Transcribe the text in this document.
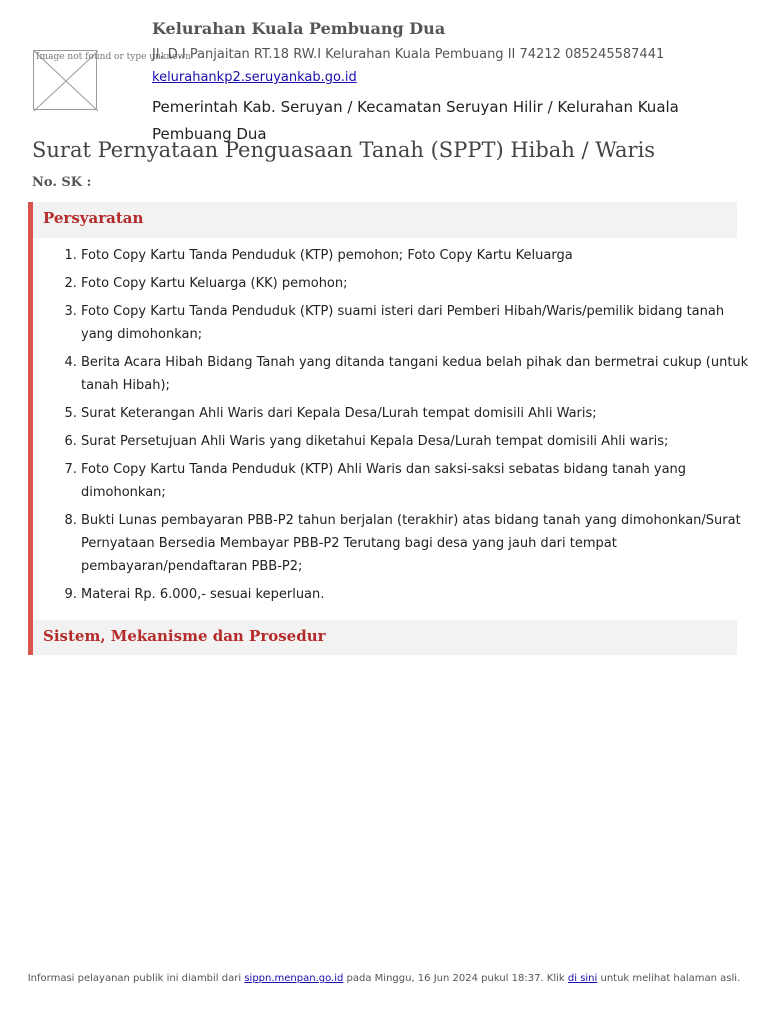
Image not found or type unknown
Kelurahan Kuala Pembuang Dua
Jl. D.I Panjaitan RT.18 RW.I Kelurahan Kuala Pembuang II 74212 085245587441
kelurahankp2.seruyankab.go.id
Pemerintah Kab. Seruyan / Kecamatan Seruyan Hilir / Kelurahan Kuala Pembuang Dua
Surat Pernyataan Penguasaan Tanah (SPPT) Hibah / Waris
No. SK :
Persyaratan
1. Foto Copy Kartu Tanda Penduduk (KTP) pemohon; Foto Copy Kartu Keluarga
2. Foto Copy Kartu Keluarga (KK) pemohon;
3. Foto Copy Kartu Tanda Penduduk (KTP) suami isteri dari Pemberi Hibah/Waris/pemilik bidang tanah yang dimohonkan;
4. Berita Acara Hibah Bidang Tanah yang ditanda tangani kedua belah pihak dan bermetrai cukup (untuk tanah Hibah);
5. Surat Keterangan Ahli Waris dari Kepala Desa/Lurah tempat domisili Ahli Waris;
6. Surat Persetujuan Ahli Waris yang diketahui Kepala Desa/Lurah tempat domisili Ahli waris;
7. Foto Copy Kartu Tanda Penduduk (KTP) Ahli Waris dan saksi-saksi sebatas bidang tanah yang dimohonkan;
8. Bukti Lunas pembayaran PBB-P2 tahun berjalan (terakhir) atas bidang tanah yang dimohonkan/Surat Pernyataan Bersedia Membayar PBB-P2 Terutang bagi desa yang jauh dari tempat pembayaran/pendaftaran PBB-P2;
9. Materai Rp. 6.000,- sesuai keperluan.
Sistem, Mekanisme dan Prosedur
Informasi pelayanan publik ini diambil dari sippn.menpan.go.id pada Minggu, 16 Jun 2024 pukul 18:37. Klik di sini untuk melihat halaman asli.
